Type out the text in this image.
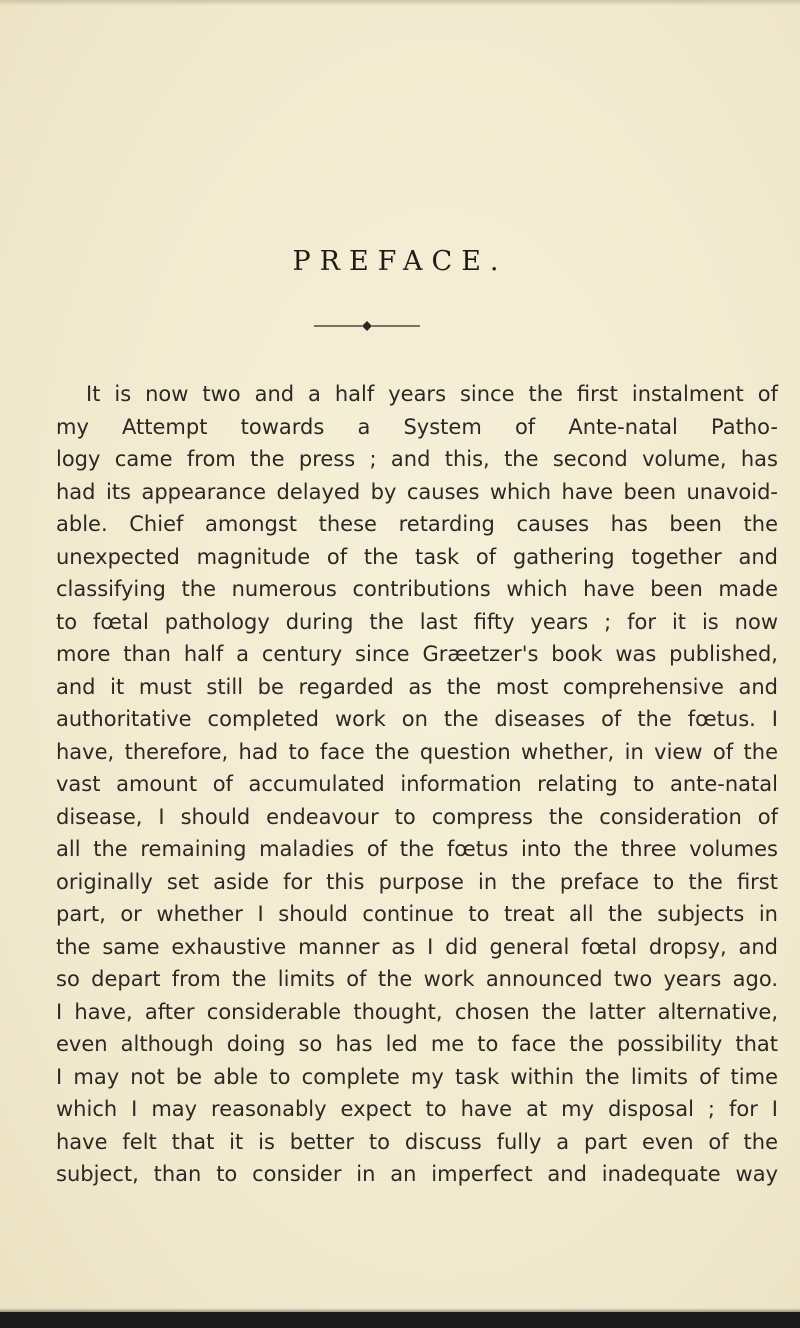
PREFACE.
It is now two and a half years since the first instalment of
my Attempt towards a System of Ante-natal Patho-
logy came from the press ; and this, the second volume, has
had its appearance delayed by causes which have been unavoid-
able. Chief amongst these retarding causes has been the
unexpected magnitude of the task of gathering together and
classifying the numerous contributions which have been made
to fœtal pathology during the last fifty years ; for it is now
more than half a century since Græetzer's book was published,
and it must still be regarded as the most comprehensive and
authoritative completed work on the diseases of the fœtus. I
have, therefore, had to face the question whether, in view of the
vast amount of accumulated information relating to ante-natal
disease, I should endeavour to compress the consideration of
all the remaining maladies of the fœtus into the three volumes
originally set aside for this purpose in the preface to the first
part, or whether I should continue to treat all the subjects in
the same exhaustive manner as I did general fœtal dropsy, and
so depart from the limits of the work announced two years ago.
I have, after considerable thought, chosen the latter alternative,
even although doing so has led me to face the possibility that
I may not be able to complete my task within the limits of time
which I may reasonably expect to have at my disposal ; for I
have felt that it is better to discuss fully a part even of the
subject, than to consider in an imperfect and inadequate way
